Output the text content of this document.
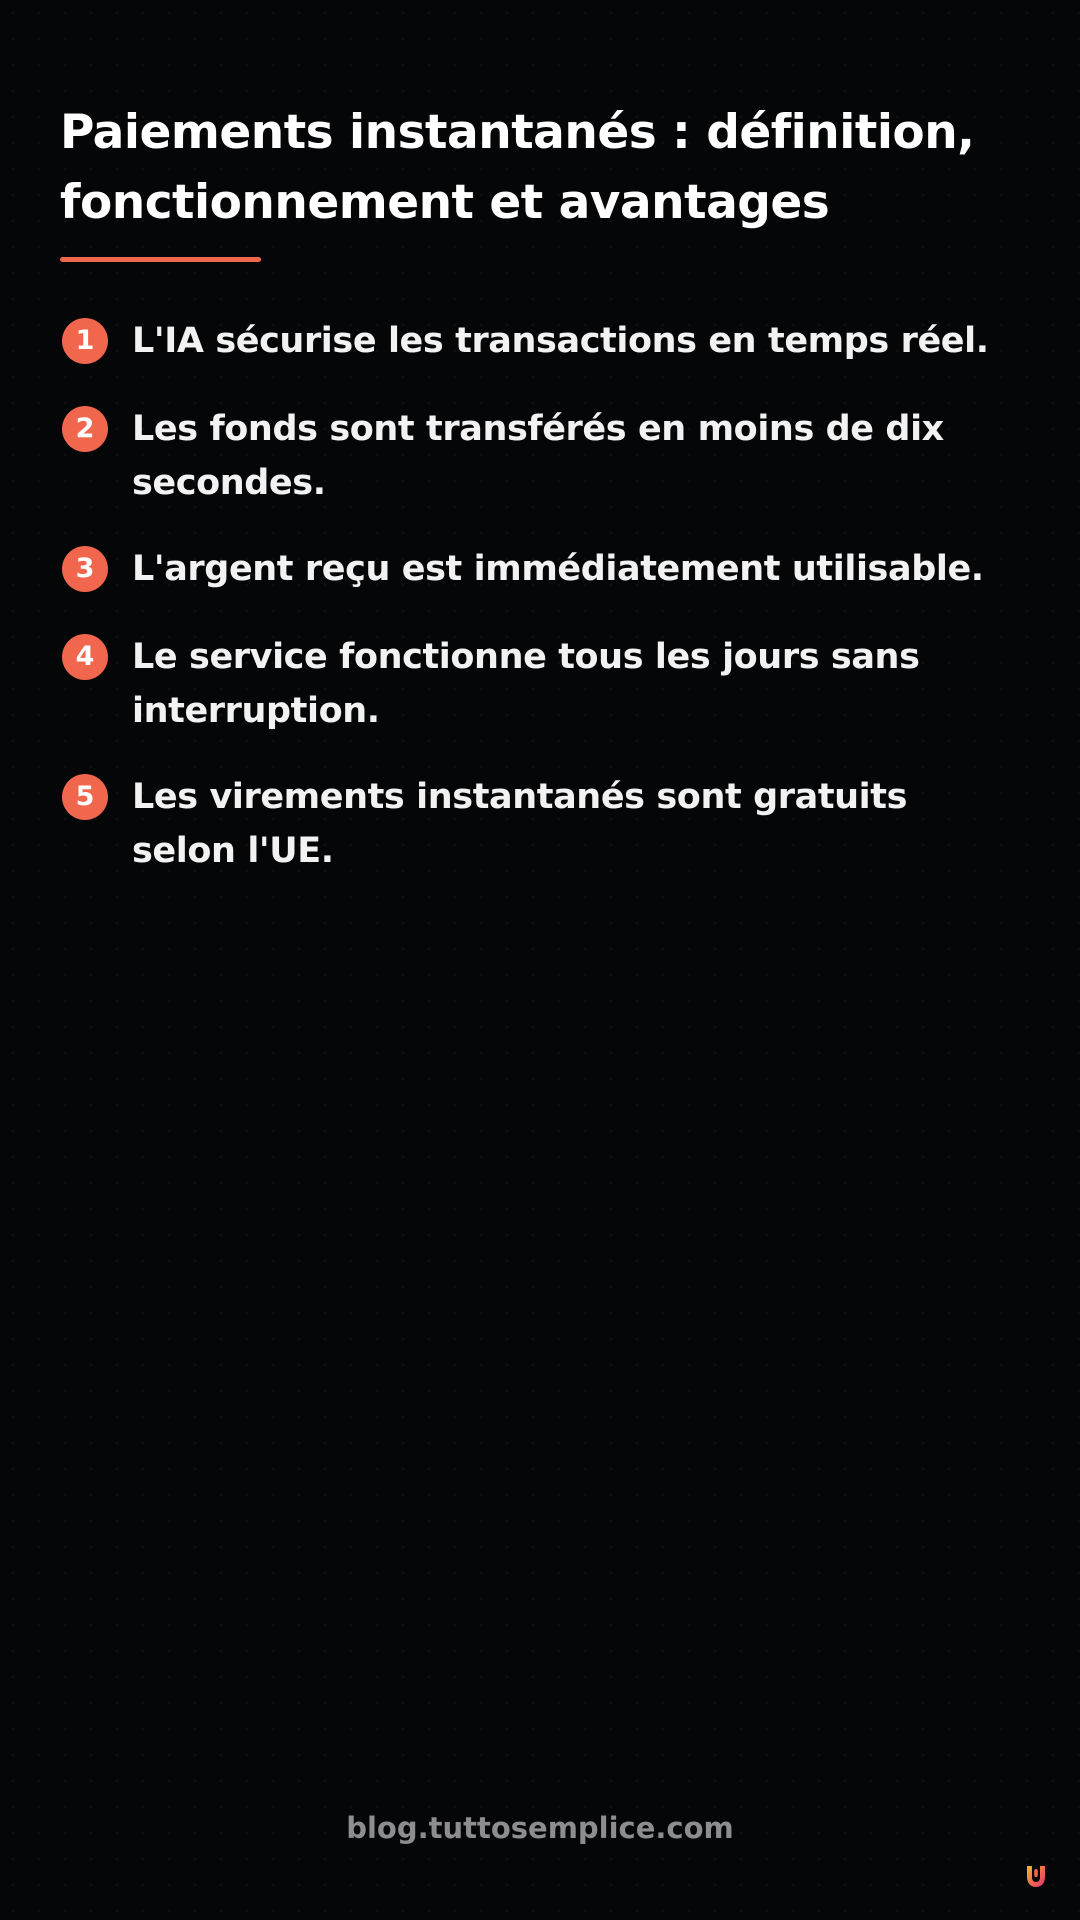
Paiements instantanés : définition,
fonctionnement et avantages
1	L'IA sécurise les transactions en temps réel.

2	Les fonds sont transférés en moins de dix
secondes.

3	L'argent reçu est immédiatement utilisable.

4	Le service fonctionne tous les jours sans
interruption.

5	Les virements instantanés sont gratuits
selon l'UE.

blog.tuttosemplice.com
